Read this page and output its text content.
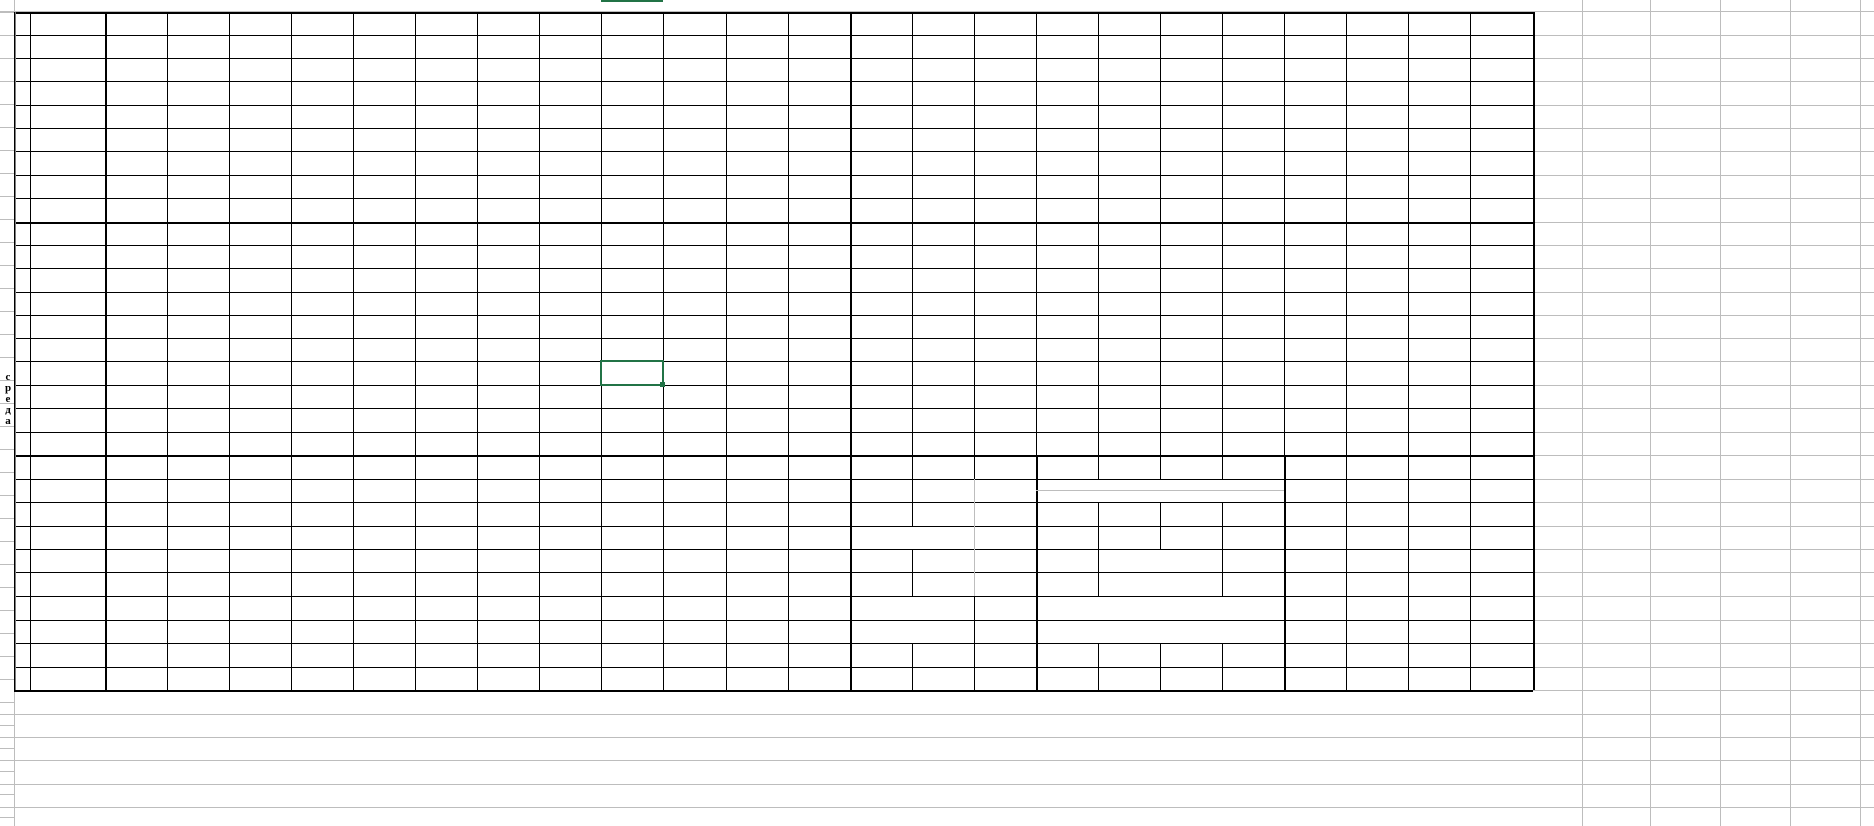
с
р
е
д
а
